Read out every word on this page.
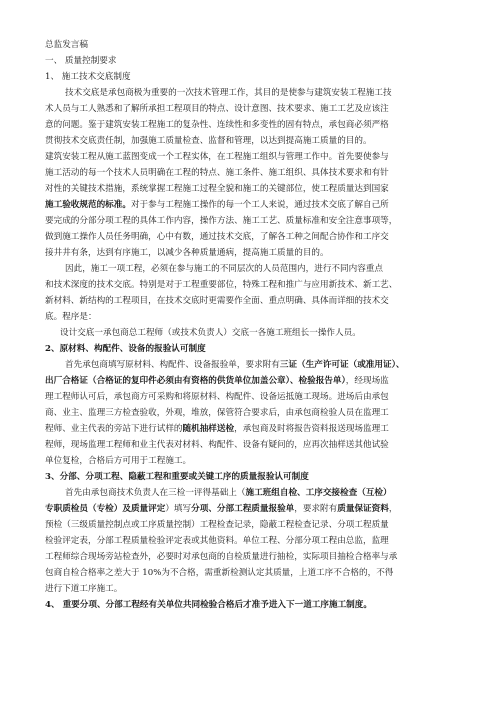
总监发言稿
一、 质量控制要求
1、 施工技术交底制度
技术交底是承包商极为重要的一次技术管理工作，其目的是使参与建筑安装工程施工技
术人员与工人熟悉和了解所承担工程项目的特点、设计意图、技术要求、施工工艺及应该注
意的问题。鉴于建筑安装工程施工的复杂性、连续性和多变性的固有特点，承包商必须严格
贯彻技术交底责任制，加强施工质量检查、监督和管理，以达到提高施工质量的目的。
建筑安装工程从施工蓝图变成一个工程实体，在工程施工组织与管理工作中。首先要使参与
施工活动的每一个技术人员明确在工程的特点、施工条件、施工组织、具体技术要求和有针
对性的关键技术措施，系统掌握工程施工过程全貌和施工的关键部位，使工程质量达到国家
施工验收规范的标准。对于参与工程施工操作的每一个工人来说，通过技术交底了解自己所
要完成的分部分项工程的具体工作内容，操作方法、施工工艺、质量标准和安全注意事项等，
做到施工操作人员任务明确，心中有数，通过技术交底，了解各工种之间配合协作和工序交
接井井有条，达到有序施工，以减少各种质量通病，提高施工质量的目的。
因此，施工一项工程，必须在参与施工的不同层次的人员范围内，进行不同内容重点
和技术深度的技术交底。特别是对于工程重要部位，特殊工程和推广与应用新技术、新工艺、
新材料、新结构的工程项目，在技术交底时更需要作全面、重点明确、具体而详细的技术交
底。程序是：
设计交底一承包商总工程师（或技术负责人）交底一各施工班组长一操作人员。
2、原材料、构配件、设备的报验认可制度
首先承包商填写原材料、构配件、设备报验单，要求附有三证（生产许可证（或准用证）、
出厂合格证（合格证的复印件必须由有资格的供货单位加盖公章）、检验报告单），经现场监
理工程师认可后，承包商方可采购和将原材料、构配件、设备运抵施工现场。进场后由承包
商、业主、监理三方检查验收，外观，堆放，保管符合要求后，由承包商检验人员在监理工
程师、业主代表的旁站下进行试样的随机抽样送检，承包商及时将报告资料报送现场监理工
程师，现场监理工程师和业主代表对材料、构配件、设备有疑问的，应再次抽样送其他试验
单位复检，合格后方可用于工程施工。
3、分部、分项工程、隐蔽工程和重要或关键工序的质量报验认可制度
首先由承包商技术负责人在三检一评得基础上（施工班组自检、工序交接检查（互检）
专职质检员（专检）及质量评定）填写分项、分部工程质量报验单，要求附有质量保证资料，
预检（三级质量控制点或工序质量控制）工程检查记录，隐蔽工程检查记录、分项工程质量
检验评定表，分部工程质量检验评定表或其他资料。单位工程、分部分项工程由总监，监理
工程师综合现场旁站检查外，必要时对承包商的自检质量进行抽检，实际项目抽检合格率与承
包商自检合格率之差大于 10%为不合格，需重新检测认定其质量，上道工序不合格的，不得
进行下道工序施工。
4、 重要分项、分部工程经有关单位共同检验合格后才准予进入下一道工序施工制度。
